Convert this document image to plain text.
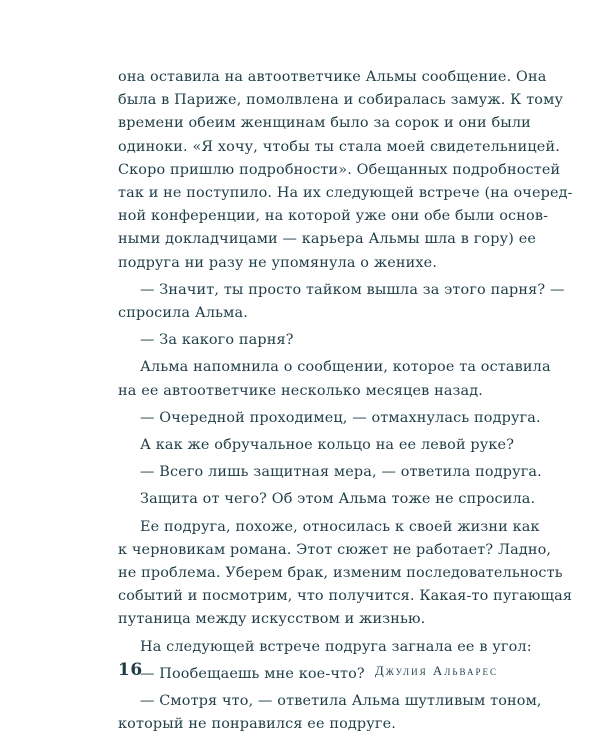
она оставила на автоответчике Альмы сообщение. Она

была в Париже, помолвлена и собиралась замуж. К тому

времени обеим женщинам было за сорок и они были

одиноки. «Я хочу, чтобы ты стала моей свидетельницей.

Скоро пришлю подробности». Обещанных подробностей

так и не поступило. На их следующей встрече (на очеред-

ной конференции, на которой уже они обе были основ-

ными докладчицами — карьера Альмы шла в гору) ее

подруга ни разу не упомянула о женихе.

— Значит, ты просто тайком вышла за этого парня? —

спросила Альма.

— За какого парня?

Альма напомнила о сообщении, которое та оставила

на ее автоответчике несколько месяцев назад.

— Очередной проходимец, — отмахнулась подруга.

А как же обручальное кольцо на ее левой руке?

— Всего лишь защитная мера, — ответила подруга.

Защита от чего? Об этом Альма тоже не спросила.

Ее подруга, похоже, относилась к своей жизни как

к черновикам романа. Этот сюжет не работает? Ладно,

не проблема. Уберем брак, изменим последовательность

событий и посмотрим, что получится. Какая-то пугающая

путаница между искусством и жизнью.

На следующей встрече подруга загнала ее в угол:

— Пообещаешь мне кое-что?

— Смотря что, — ответила Альма шутливым тоном,

который не понравился ее подруге.

16	Джулия Альварес
